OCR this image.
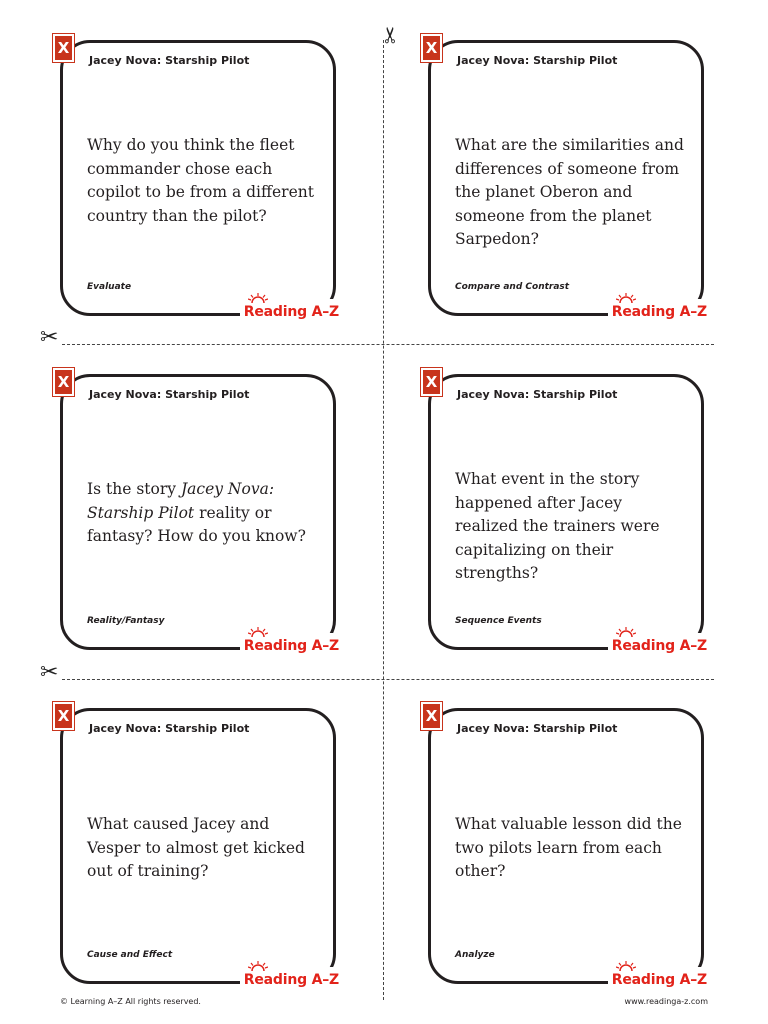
✂
✂
✂
X
Jacey Nova: Starship Pilot
Why do you think the fleet commander chose each copilot to be from a different country than the pilot?
Evaluate
Reading A–Z
X
Jacey Nova: Starship Pilot
What are the similarities and differences of someone from the planet Oberon and someone from the planet Sarpedon?
Compare and Contrast
Reading A–Z
X
Jacey Nova: Starship Pilot
Is the story Jacey Nova: Starship Pilot reality or fantasy? How do you know?
Reality/Fantasy
Reading A–Z
X
Jacey Nova: Starship Pilot
What event in the story happened after Jacey realized the trainers were capitalizing on their strengths?
Sequence Events
Reading A–Z
X
Jacey Nova: Starship Pilot
What caused Jacey and Vesper to almost get kicked out of training?
Cause and Effect
Reading A–Z
X
Jacey Nova: Starship Pilot
What valuable lesson did the two pilots learn from each other?
Analyze
Reading A–Z
© Learning A–Z All rights reserved.	www.readinga-z.com
